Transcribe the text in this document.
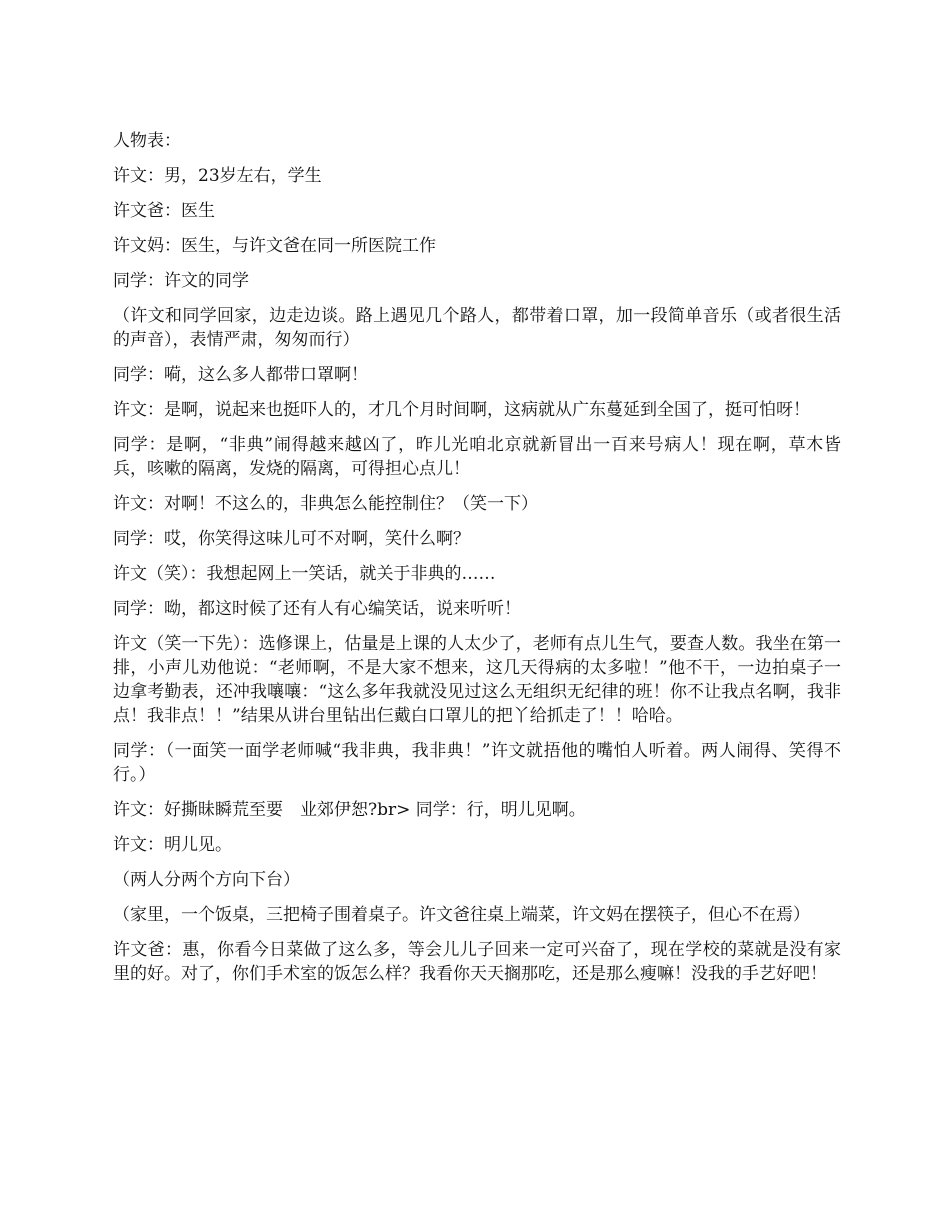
人物表：

许文：男，23岁左右，学生

许文爸：医生

许文妈：医生，与许文爸在同一所医院工作

同学：许文的同学

（许文和同学回家，边走边谈。路上遇见几个路人，都带着口罩，加一段简单音乐（或者很生活的声音），表情严肃，匆匆而行）

同学：嗬，这么多人都带口罩啊！

许文：是啊，说起来也挺吓人的，才几个月时间啊，这病就从广东蔓延到全国了，挺可怕呀！

同学：是啊，“非典”闹得越来越凶了，昨儿光咱北京就新冒出一百来号病人！现在啊，草木皆兵，咳嗽的隔离，发烧的隔离，可得担心点儿！

许文：对啊！不这么的，非典怎么能控制住？（笑一下）

同学：哎，你笑得这味儿可不对啊，笑什么啊？

许文（笑）：我想起网上一笑话，就关于非典的……

同学：呦，都这时候了还有人有心编笑话，说来听听！

许文（笑一下先）：选修课上，估量是上课的人太少了，老师有点儿生气，要查人数。我坐在第一排，小声儿劝他说：“老师啊，不是大家不想来，这几天得病的太多啦！”他不干，一边拍桌子一边拿考勤表，还冲我嚷嚷：“这么多年我就没见过这么无组织无纪律的班！你不让我点名啊，我非点！我非点！！”结果从讲台里钻出仨戴白口罩儿的把丫给抓走了！！哈哈。

同学：（一面笑一面学老师喊“我非典，我非典！”许文就捂他的嘴怕人听着。两人闹得、笑得不行。）

许文：好撕昧瞬荒至要　业郊伊恕?br> 同学：行，明儿见啊。

许文：明儿见。

（两人分两个方向下台）

（家里，一个饭桌，三把椅子围着桌子。许文爸往桌上端菜，许文妈在摆筷子，但心不在焉）

许文爸：惠，你看今日菜做了这么多，等会儿儿子回来一定可兴奋了，现在学校的菜就是没有家里的好。对了，你们手术室的饭怎么样？我看你天天搁那吃，还是那么瘦嘛！没我的手艺好吧！
